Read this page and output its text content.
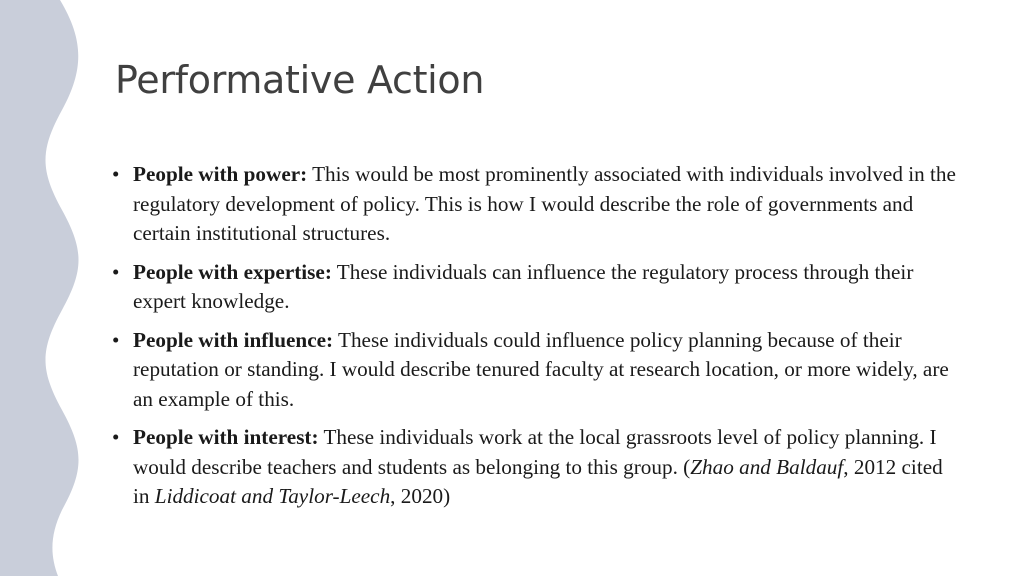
Performative Action
• People with power: This would be most prominently associated with individuals involved in the regulatory development of policy. This is how I would describe the role of governments and certain institutional structures.
• People with expertise: These individuals can influence the regulatory process through their expert knowledge.
• People with influence: These individuals could influence policy planning because of their reputation or standing. I would describe tenured faculty at research location, or more widely, are an example of this.
• People with interest: These individuals work at the local grassroots level of policy planning. I would describe teachers and students as belonging to this group. (Zhao and Baldauf, 2012 cited in Liddicoat and Taylor-Leech, 2020)
